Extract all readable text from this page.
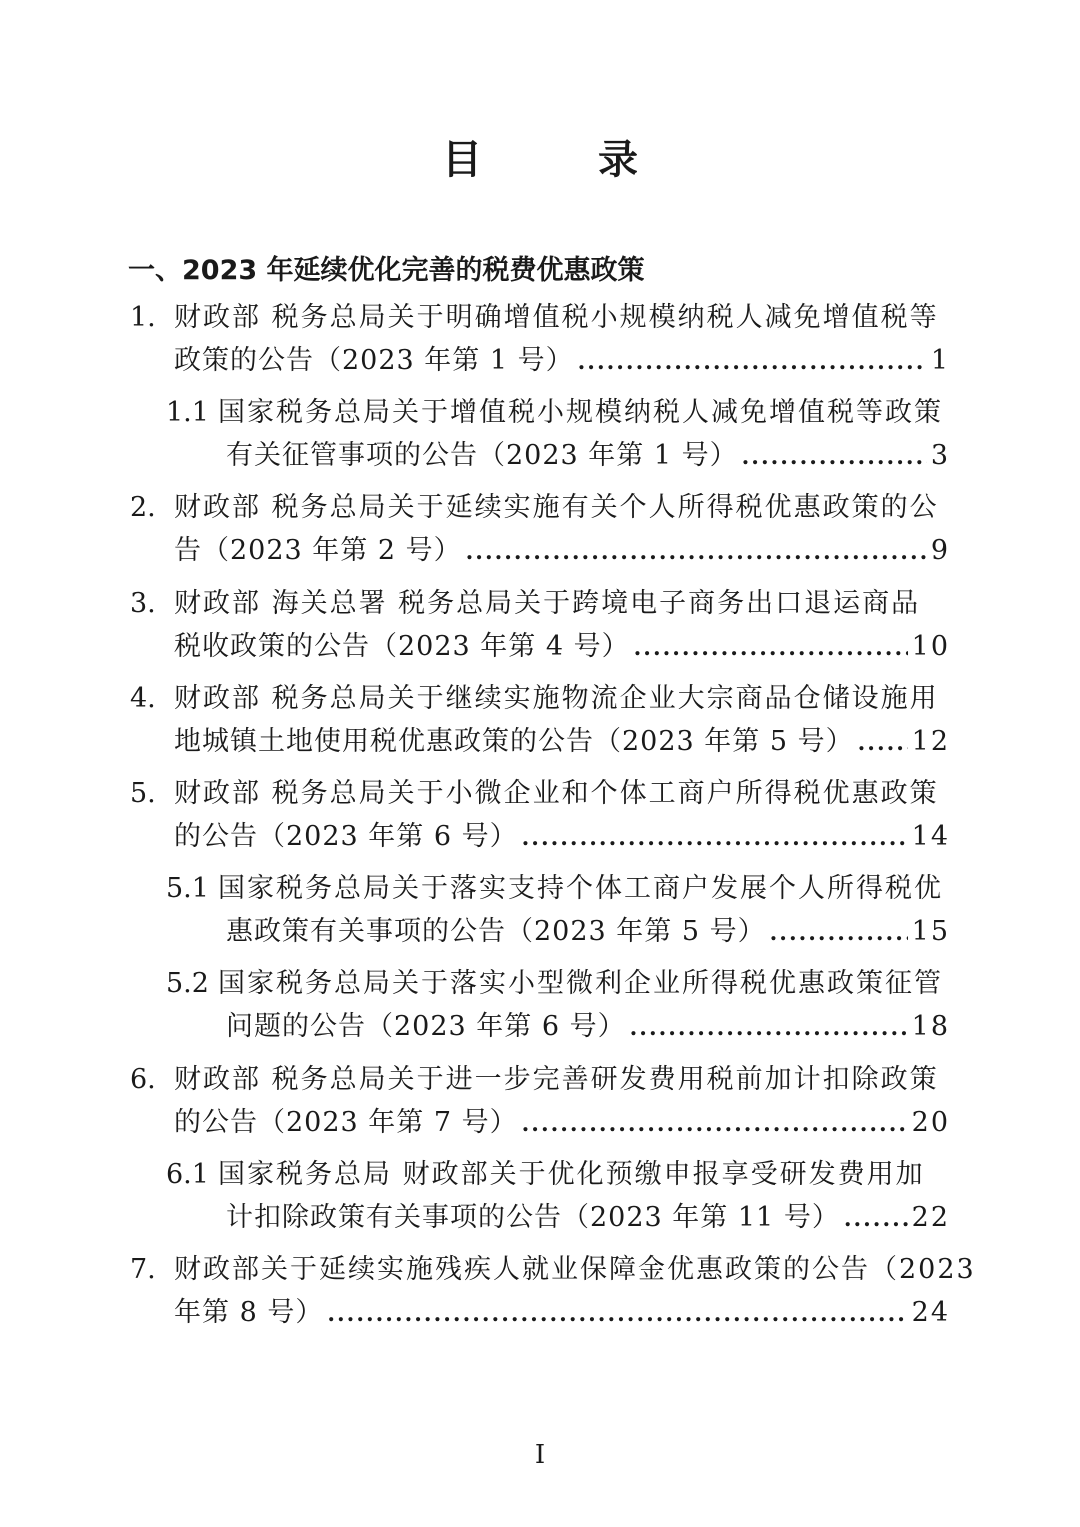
目　录
一、2023 年延续优化完善的税费优惠政策
1. 财政部 税务总局关于明确增值税小规模纳税人减免增值税等
政策的公告（2023 年第 1 号） .....	1
1.1 国家税务总局关于增值税小规模纳税人减免增值税等政策
有关征管事项的公告（2023 年第 1 号） .....	3
2. 财政部 税务总局关于延续实施有关个人所得税优惠政策的公
告（2023 年第 2 号） .....	9
3. 财政部 海关总署 税务总局关于跨境电子商务出口退运商品
税收政策的公告（2023 年第 4 号） .....	10
4. 财政部 税务总局关于继续实施物流企业大宗商品仓储设施用
地城镇土地使用税优惠政策的公告（2023 年第 5 号） ..... 12
5. 财政部 税务总局关于小微企业和个体工商户所得税优惠政策
的公告（2023 年第 6 号） .....	14
5.1 国家税务总局关于落实支持个体工商户发展个人所得税优
惠政策有关事项的公告（2023 年第 5 号） .....	15
5.2 国家税务总局关于落实小型微利企业所得税优惠政策征管
问题的公告（2023 年第 6 号） .....	18
6. 财政部 税务总局关于进一步完善研发费用税前加计扣除政策
的公告（2023 年第 7 号） .....	20
6.1 国家税务总局 财政部关于优化预缴申报享受研发费用加
计扣除政策有关事项的公告（2023 年第 11 号） .....	22
7. 财政部关于延续实施残疾人就业保障金优惠政策的公告（2023
年第 8 号） .....	24
I
